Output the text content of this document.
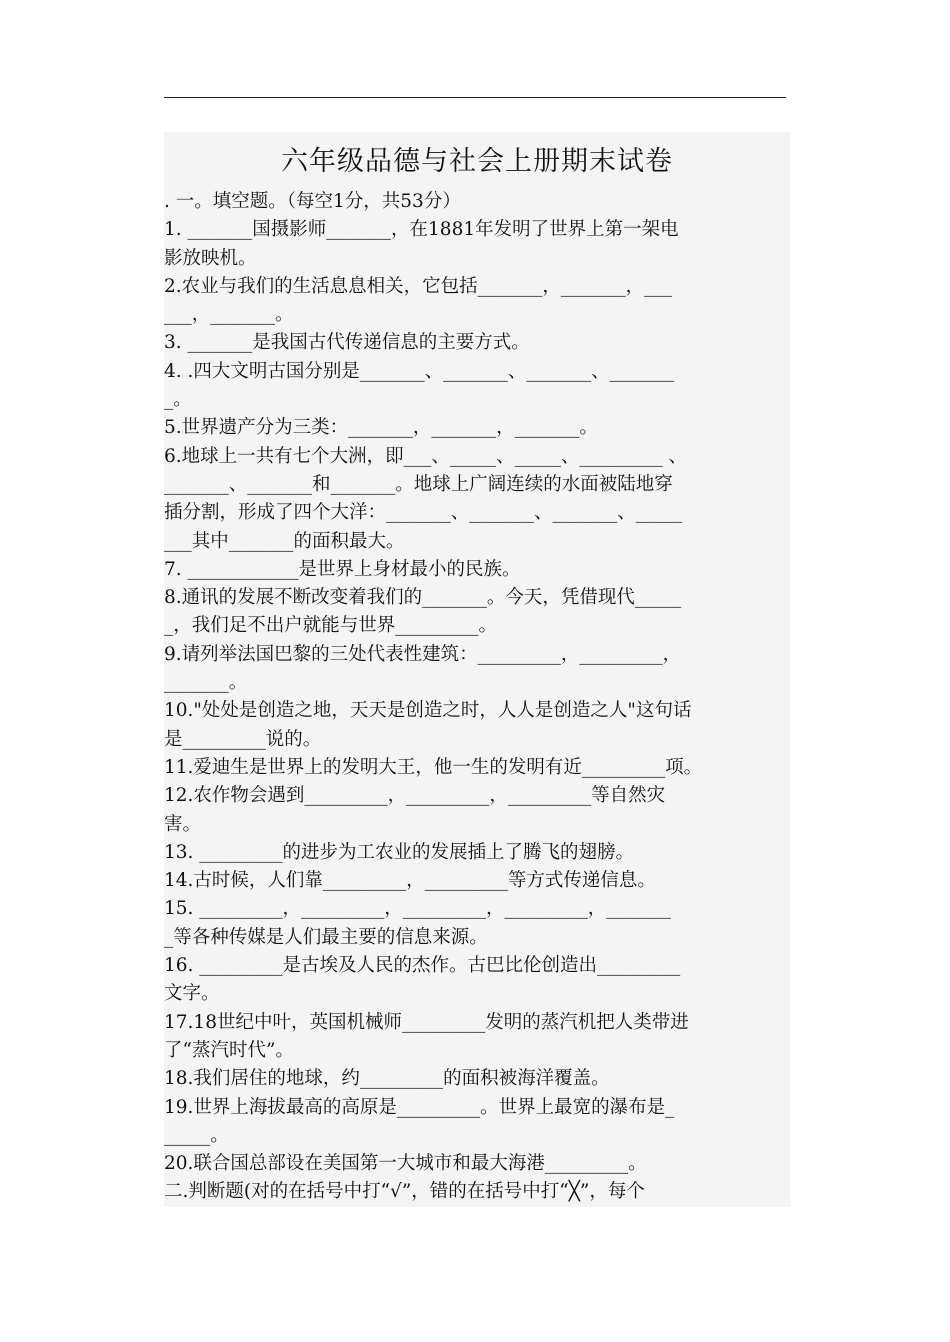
六年级品德与社会上册期末试卷
. 一。填空题。（每空1分，共53分）
1. _______国摄影师_______，在1881年发明了世界上第一架电
影放映机。
2.农业与我们的生活息息相关，它包括_______，_______，___
___，_______。
3. _______是我国古代传递信息的主要方式。
4. .四大文明古国分别是_______、_______、_______、_______
_。
5.世界遗产分为三类：_______，_______，_______。
6.地球上一共有七个大洲，即___、_____、_____、_________ 、
_______、_______和_______。地球上广阔连续的水面被陆地穿
插分割，形成了四个大洋：_______、_______、_______、_____
___其中_______的面积最大。
7. ____________是世界上身材最小的民族。
8.通讯的发展不断改变着我们的_______。今天，凭借现代_____
_，我们足不出户就能与世界_________。
9.请列举法国巴黎的三处代表性建筑：_________，_________，
_______。
10."处处是创造之地，天天是创造之时，人人是创造之人"这句话
是_________说的。
11.爱迪生是世界上的发明大王，他一生的发明有近_________项。
12.农作物会遇到_________，_________，_________等自然灾
害。
13. _________的进步为工农业的发展插上了腾飞的翅膀。
14.古时候，人们靠_________，_________等方式传递信息。
15. _________，_________，_________，_________，_______
_等各种传媒是人们最主要的信息来源。
16. _________是古埃及人民的杰作。古巴比伦创造出_________
文字。
17.18世纪中叶，英国机械师_________发明的蒸汽机把人类带进
了“蒸汽时代”。
18.我们居住的地球，约_________的面积被海洋覆盖。
19.世界上海拔最高的高原是_________。世界上最宽的瀑布是_
_____。
20.联合国总部设在美国第一大城市和最大海港_________。
二.判断题(对的在括号中打“√”，错的在括号中打“╳”，每个
